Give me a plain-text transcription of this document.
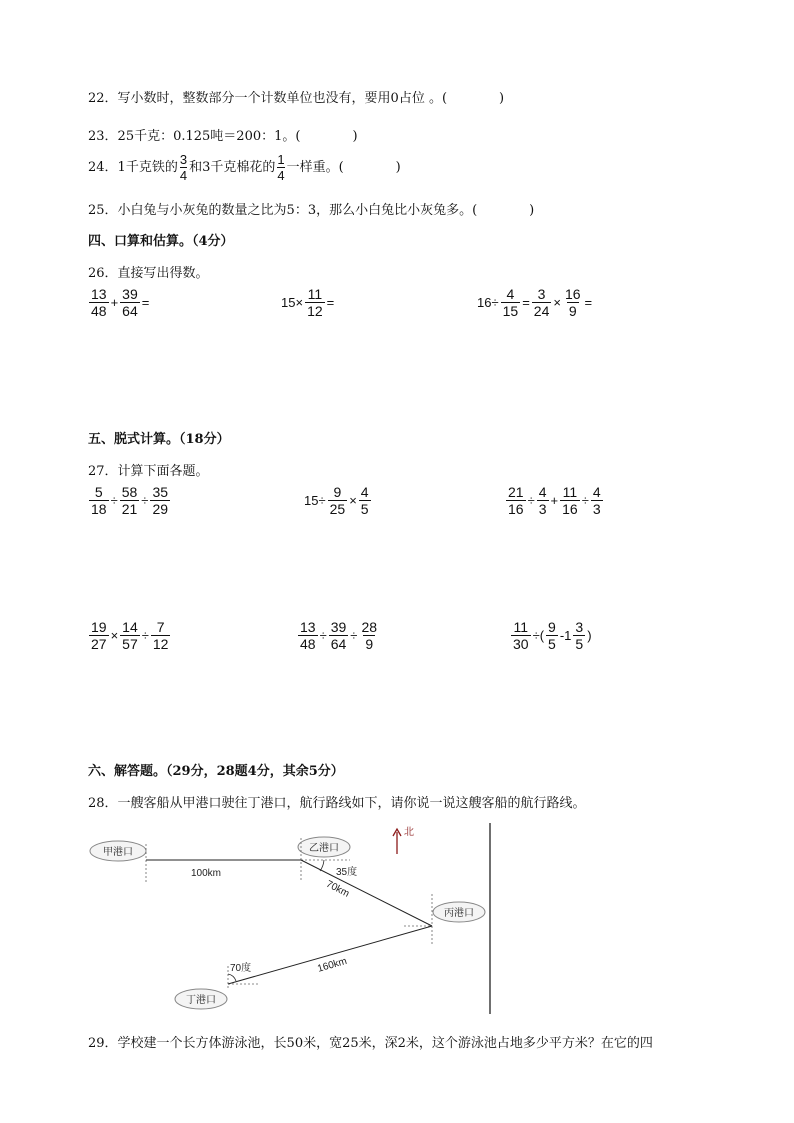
22．写小数时，整数部分一个计数单位也没有，要用0占位 。(　　　　)
23．25千克：0.125吨＝200：1。(　　　　)
24．1千克铁的 $\frac{3}{4}$ 和3千克棉花的 $\frac{1}{4}$ 一样重。(　　　　)
25．小白兔与小灰兔的数量之比为5：3，那么小白兔比小灰兔多。(　　　　)
四、口算和估算。（4分）
26．直接写出得数。
$\frac{13}{48} + \frac{39}{64}$ =	$15\times \frac{11}{12}$ =	$16\div \frac{4}{15} = \frac{3}{24} \times \frac{16}{9}$ =
五、脱式计算。（18分）
27．计算下面各题。
$\frac{5}{18} \div \frac{58}{21} \div \frac{35}{29}$	$15\div \frac{9}{25} \times \frac{4}{5}$	$\frac{21}{16} \div \frac{4}{3} + \frac{11}{16} \div \frac{4}{3}$
$\frac{19}{27} \times \frac{14}{57} \div \frac{7}{12}$	$\frac{13}{48} \div \frac{39}{64} \div \frac{28}{9}$	$\frac{11}{30}$ ÷( $\frac{9}{5} -1 \frac{3}{5}$ )
六、解答题。（29分，28题4分，其余5分）
28．一艘客船从甲港口驶往丁港口，航行路线如下，请你说一说这艘客船的航行路线。
甲港口	乙港口
丙港口
丁港口
北
100km	35度
70km
70度	160km
29．学校建一个长方体游泳池，长50米，宽25米，深2米，这个游泳池占地多少平方米？在它的四
